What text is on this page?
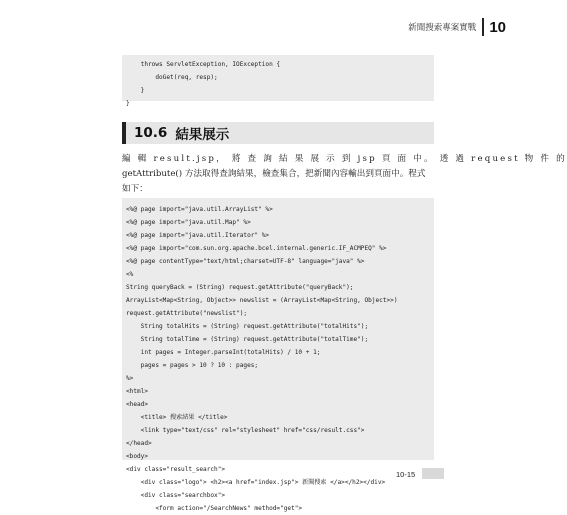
新聞搜索專案實戰 10
throws ServletException, IOException {
doGet(req, resp);
}
}
10.6 結果展示
編 輯 result.jsp， 將 查 詢 結 果 展 示 到 jsp 頁 面 中。 透 過 request 物 件 的
getAttribute() 方法取得查詢結果，檢查集合，把新聞內容輸出到頁面中。程式
如下：
<%@ page import="java.util.ArrayList" %>
<%@ page import="java.util.Map" %>
<%@ page import="java.util.Iterator" %>
<%@ page import="com.sun.org.apache.bcel.internal.generic.IF_ACMPEQ" %>
<%@ page contentType="text/html;charset=UTF-8" language="java" %>
<%
String queryBack = (String) request.getAttribute("queryBack");
ArrayList<Map<String, Object>> newslist = (ArrayList<Map<String, Object>>)
request.getAttribute("newslist");
String totalHits = (String) request.getAttribute("totalHits");
String totalTime = (String) request.getAttribute("totalTime");
int pages = Integer.parseInt(totalHits) / 10 + 1;
pages = pages > 10 ? 10 : pages;
%>
<html>
<head>
<title> 搜索結果 </title>
<link type="text/css" rel="stylesheet" href="css/result.css">
</head>
<body>
<div class="result_search">
<div class="logo"> <h2><a href="index.jsp"> 新聞搜索 </a></h2></div>
<div class="searchbox">
<form action="/SearchNews" method="get">
10-15
